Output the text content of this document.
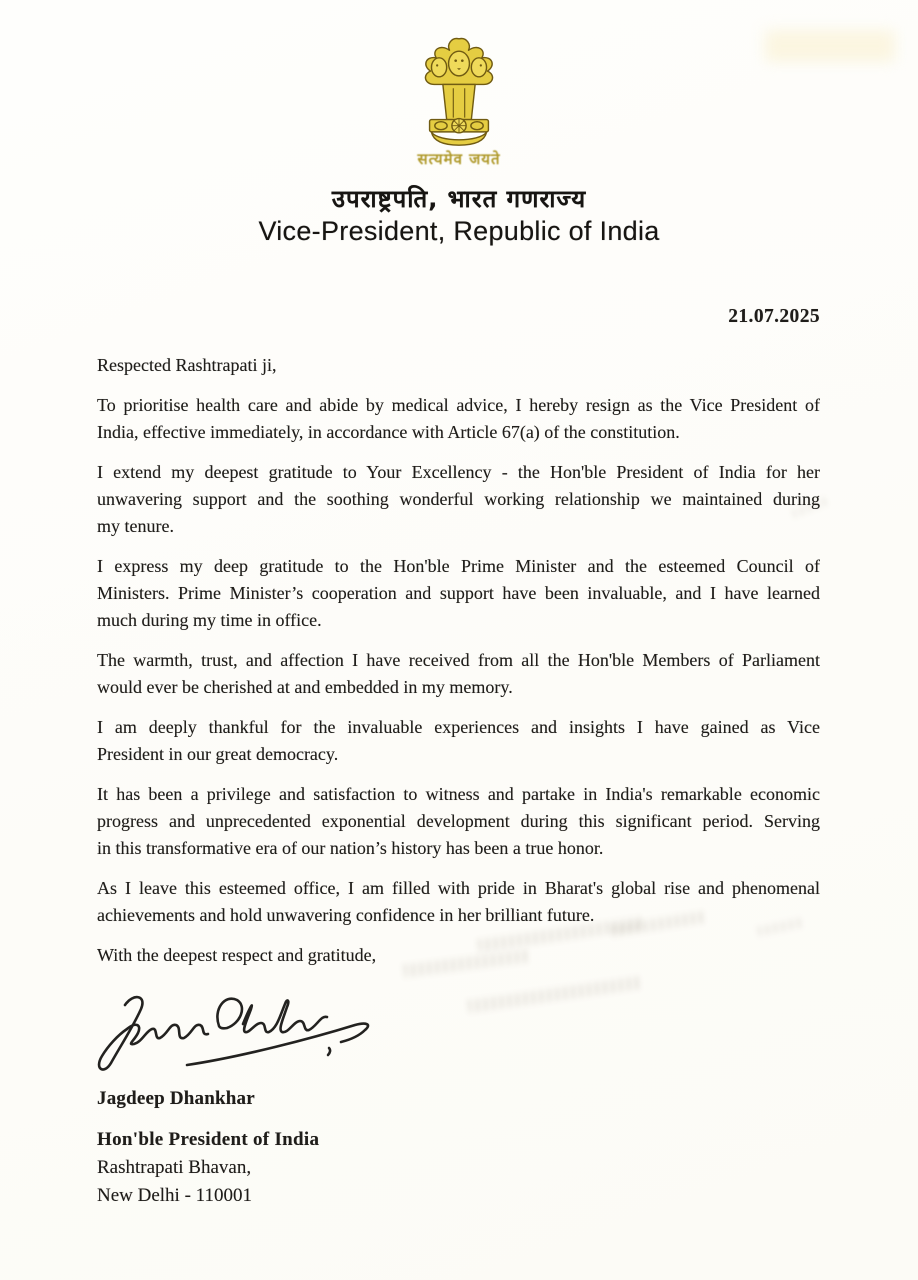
सत्यमेव जयते
उपराष्ट्रपति, भारत गणराज्य
Vice-President, Republic of India
21.07.2025

Respected Rashtrapati ji,

To prioritise health care and abide by medical advice, I hereby resign as the Vice President of
India, effective immediately, in accordance with Article 67(a) of the constitution.
I extend my deepest gratitude to Your Excellency - the Hon'ble President of India for her
unwavering support and the soothing wonderful working relationship we maintained during
my tenure.
I express my deep gratitude to the Hon'ble Prime Minister and the esteemed Council of
Ministers. Prime Minister’s cooperation and support have been invaluable, and I have learned
much during my time in office.
The warmth, trust, and affection I have received from all the Hon'ble Members of Parliament
would ever be cherished at and embedded in my memory.
I am deeply thankful for the invaluable experiences and insights I have gained as Vice
President in our great democracy.
It has been a privilege and satisfaction to witness and partake in India's remarkable economic
progress and unprecedented exponential development during this significant period. Serving
in this transformative era of our nation’s history has been a true honor.
As I leave this esteemed office, I am filled with pride in Bharat's global rise and phenomenal
achievements and hold unwavering confidence in her brilliant future.

With the deepest respect and gratitude,

Jagdeep Dhankhar
Hon'ble President of India
Rashtrapati Bhavan,
New Delhi - 110001
